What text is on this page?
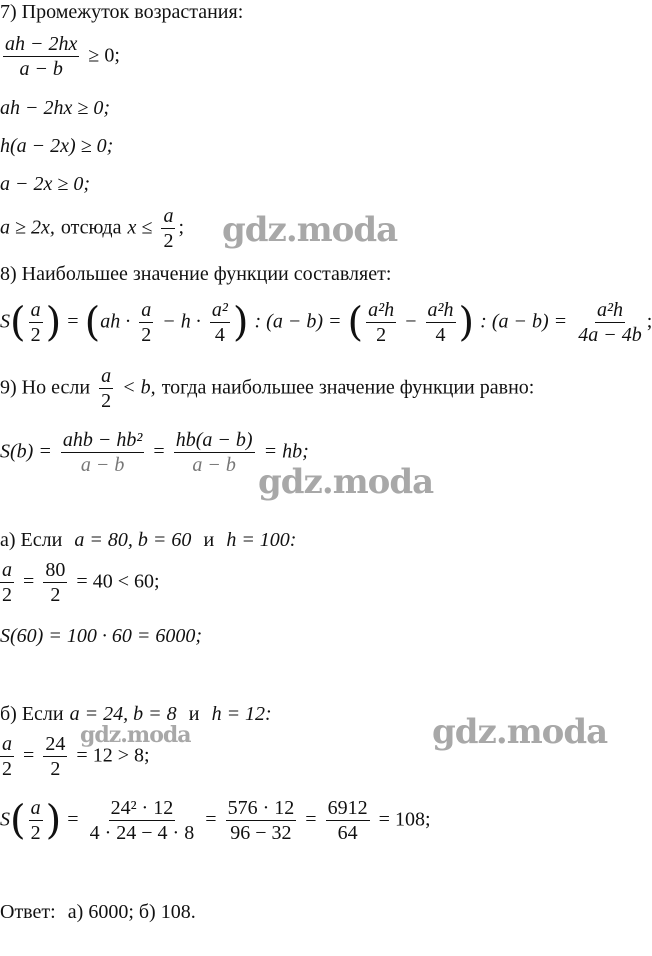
7) Промежуток возрастания:
$\frac{ah - 2hx}{a - b} \ge 0$;
ah − 2hx ≥ 0;
h(a − 2x) ≥ 0;
a − 2x ≥ 0;
a ≥ 2x, отсюда $x \le \frac{a}{2}$ ;
8) Наибольшее значение функции составляет:
$S( \frac{a}{2}$ ) = ($ah \cdot \frac{a}{2} - h \cdot \frac{\text{a²}}{4}$ ) : (a − b) = ( $\frac{\text{a²h}}{2} - \frac{\text{a²h}}{4}$ ) : $(a - b) = \frac{\text{a²h}}{4a - 4b}$ ;
9) Но если $\frac{a}{2} < b$, тогда наибольшее значение функции равно:
$S(b) = \frac{\text{ahb − hb²}}{a - b} = \frac{hb(a - b)}{a - b}$ = hb;
а) Если a = 80, b = 60 и h = 100:
$\frac{a}{2} = \frac{80}{2} = 40 < 60$;
S(60) = 100 · 60 = 6000;
б) Если a = 24, b = 8 и h = 12:
$\frac{a}{2} = \frac{24}{2} = 12 > 8$;
$S( \frac{a}{2}$ ) = $\frac{\text{24² · 12}}{4 \cdot 24 - 4 \cdot 8} = \frac{576 \cdot 12}{96 - 32} = \frac{6912}{64} = 108$;
Ответ: а) 6000; б) 108.
gdz.moda
gdz.moda
gdz.moda
gdz.moda
